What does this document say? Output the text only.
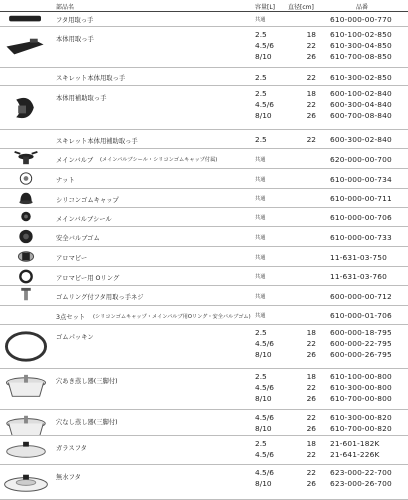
部品名	容量[L] 直径[cm]	品番
フタ用取っ手	共通	610-000-00-770
本体用取っ手
2.5	18 610-100-02-850
4.5/6	22 610-300-04-850
8/10	26 610-700-08-850
スキレット本体用取っ手	2.5	22 610-300-02-850
本体用補助取っ手
2.5	18 600-100-02-840
4.5/6	22 600-300-04-840
8/10	26 600-700-08-840
スキレット本体用補助取っ手	2.5	22 600-300-02-840
メインバルブ (メインバルブシール・シリコンゴムキャップ付属)	共通	620-000-00-700
ナット	共通	610-000-00-734
シリコンゴムキャップ	共通	610-000-00-711
メインバルブシール	共通	610-000-00-706
安全バルブゴム	共通	610-000-00-733
アロマビー	共通	11-631-03-750
アロマビー用 Oリング	共通	11-631-03-760
ゴムリング付フタ用取っ手ネジ	共通	600-000-00-712
3点セット (シリコンゴムキャップ・メインバルブ用Oリング・安全バルブゴム) 共通	610-000-01-706
ゴムパッキン
2.5	18 600-000-18-795
4.5/6	22 600-000-22-795
8/10	26 600-000-26-795
穴あき蒸し器(三脚付)
2.5	18 610-100-00-800
4.5/6	22 610-300-00-800
8/10	26 610-700-00-800
穴なし蒸し器(三脚付)
4.5/6	22 610-300-00-820
8/10	26 610-700-00-820
ガラスフタ
2.5	18 21-601-182K
4.5/6	22 21-641-226K
無水フタ
4.5/6	22 623-000-22-700
8/10	26 623-000-26-700
